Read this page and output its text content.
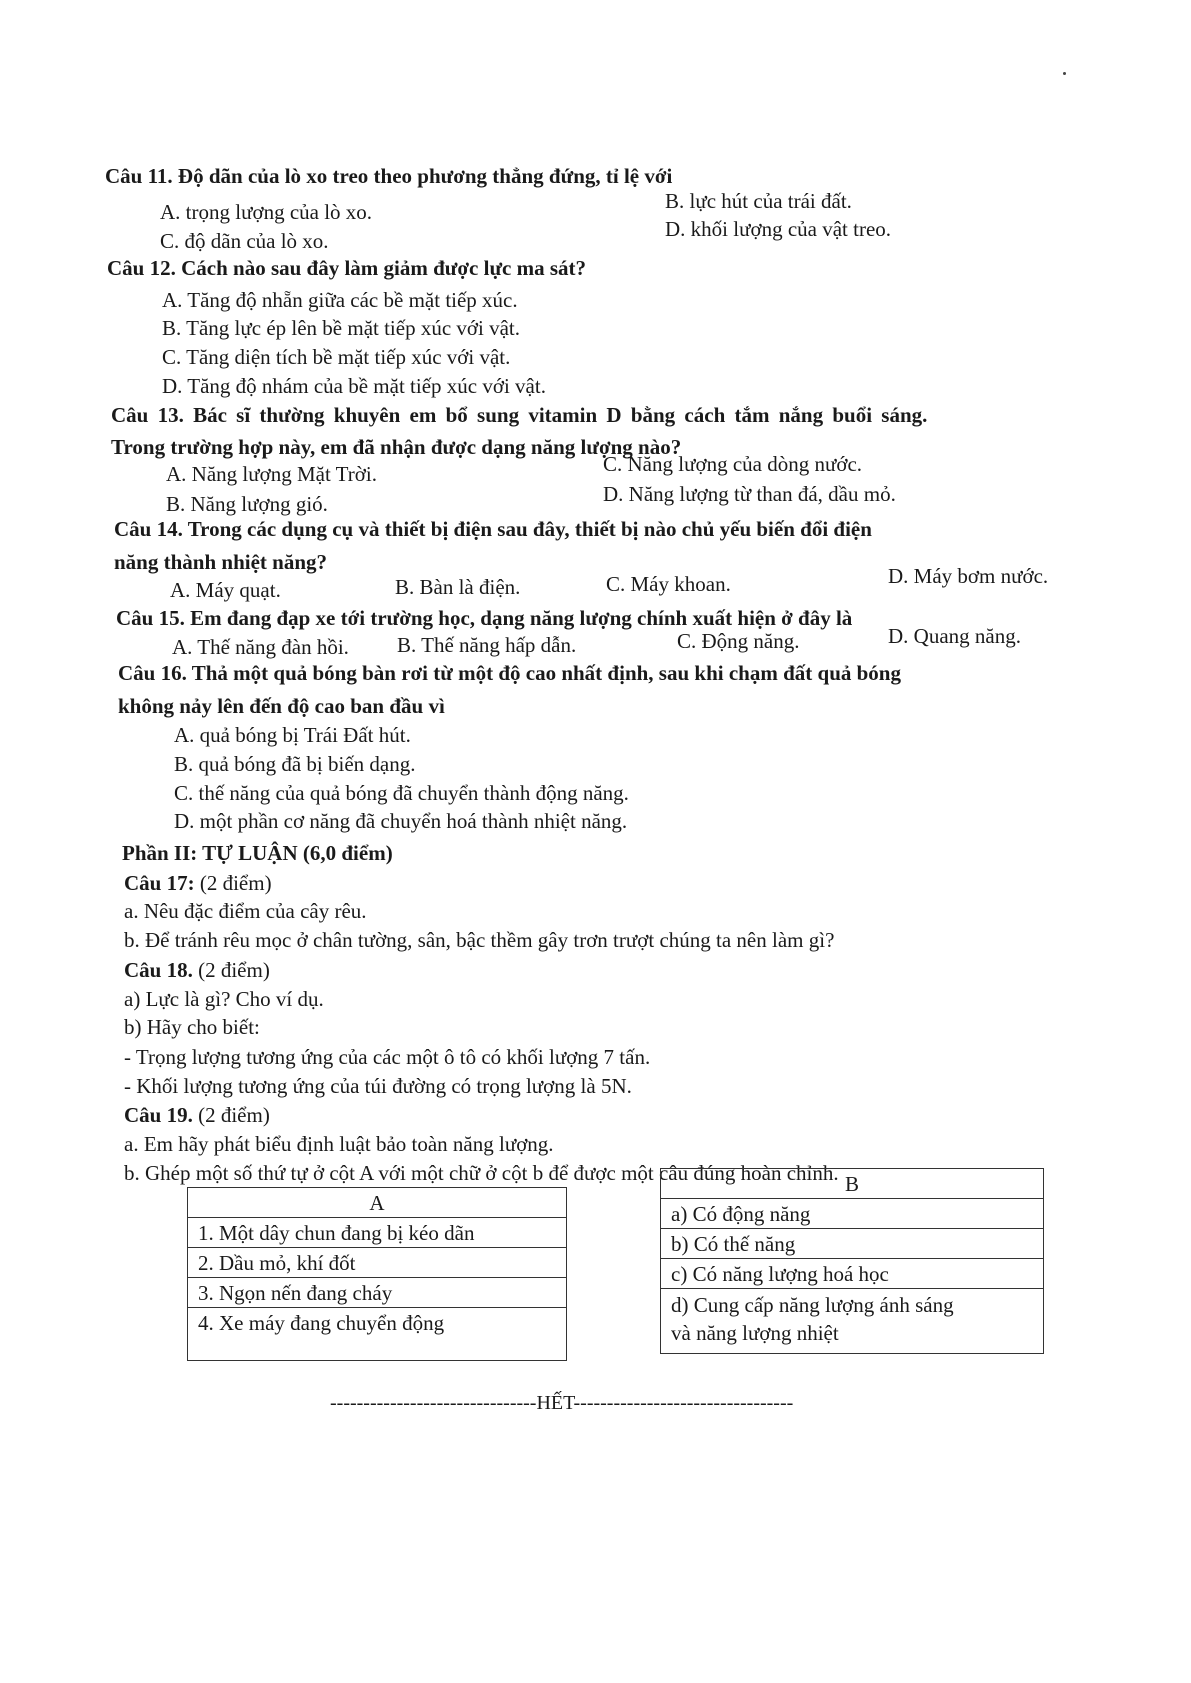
Câu 11. Độ dãn của lò xo treo theo phương thẳng đứng, tỉ lệ với
A. trọng lượng của lò xo.	B. lực hút của trái đất.
C. độ dãn của lò xo.	D. khối lượng của vật treo.
Câu 12. Cách nào sau đây làm giảm được lực ma sát?
A. Tăng độ nhẵn giữa các bề mặt tiếp xúc.
B. Tăng lực ép lên bề mặt tiếp xúc với vật.
C. Tăng diện tích bề mặt tiếp xúc với vật.
D. Tăng độ nhám của bề mặt tiếp xúc với vật.
Câu 13. Bác sĩ thường khuyên em bổ sung vitamin D bằng cách tắm nắng buổi sáng.
Trong trường hợp này, em đã nhận được dạng năng lượng nào?
A. Năng lượng Mặt Trời.	C. Năng lượng của dòng nước.
B. Năng lượng gió.	D. Năng lượng từ than đá, dầu mỏ.
Câu 14. Trong các dụng cụ và thiết bị điện sau đây, thiết bị nào chủ yếu biến đổi điện
năng thành nhiệt năng?
A. Máy quạt.	B. Bàn là điện.	C. Máy khoan.	D. Máy bơm nước.
Câu 15. Em đang đạp xe tới trường học, dạng năng lượng chính xuất hiện ở đây là
A. Thế năng đàn hồi. B. Thế năng hấp dẫn.	C. Động năng.	D. Quang năng.
Câu 16. Thả một quả bóng bàn rơi từ một độ cao nhất định, sau khi chạm đất quả bóng
không nảy lên đến độ cao ban đầu vì
A. quả bóng bị Trái Đất hút.
B. quả bóng đã bị biến dạng.
C. thế năng của quả bóng đã chuyển thành động năng.
D. một phần cơ năng đã chuyển hoá thành nhiệt năng.
Phần II: TỰ LUẬN (6,0 điểm)
Câu 17: (2 điểm)
a. Nêu đặc điểm của cây rêu.
b. Để tránh rêu mọc ở chân tường, sân, bậc thềm gây trơn trượt chúng ta nên làm gì?
Câu 18. (2 điểm)
a) Lực là gì? Cho ví dụ.
b) Hãy cho biết:
- Trọng lượng tương ứng của các một ô tô có khối lượng 7 tấn.
- Khối lượng tương ứng của túi đường có trọng lượng là 5N.
Câu 19. (2 điểm)
a. Em hãy phát biểu định luật bảo toàn năng lượng.
b. Ghép một số thứ tự ở cột A với một chữ ở cột b để được một câu đúng hoàn chỉnh.
A
1. Một dây chun đang bị kéo dãn
2. Dầu mỏ, khí đốt
3. Ngọn nến đang cháy
4. Xe máy đang chuyển động
B
a) Có động năng
b) Có thế năng
c) Có năng lượng hoá học
d) Cung cấp năng lượng ánh sáng
và năng lượng nhiệt
-------------------------------HẾT---------------------------------
